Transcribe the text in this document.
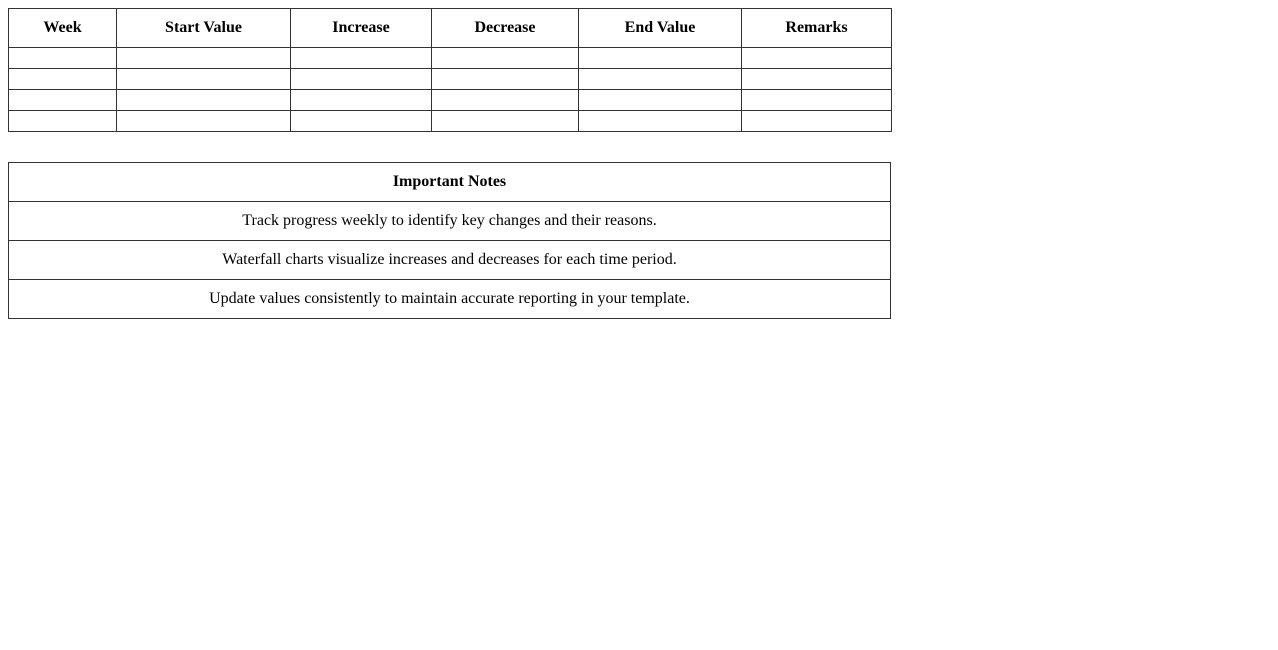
Week	Start Value	Increase	Decrease	End Value	Remarks

Important Notes
Track progress weekly to identify key changes and their reasons.
Waterfall charts visualize increases and decreases for each time period.
Update values consistently to maintain accurate reporting in your template.
